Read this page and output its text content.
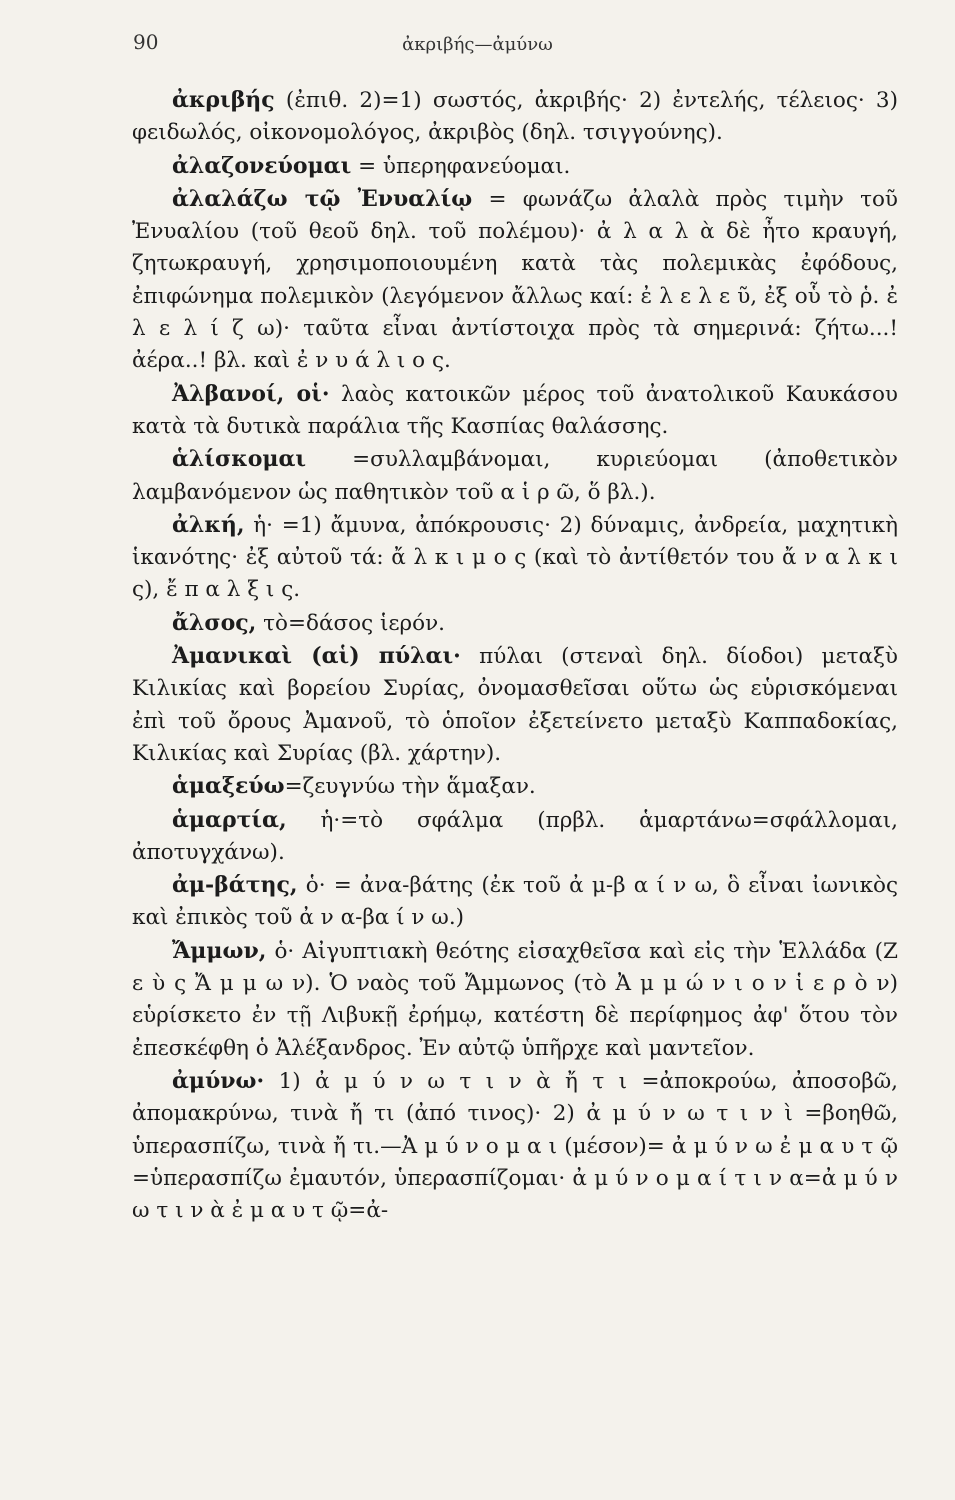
90	ἀκριβής—ἀμύνω
ἀκριβής (ἐπιθ. 2)=1) σωστός, ἀκριβής· 2) ἐντελής, τέλειος· 3) φειδωλός, οἰκονομολόγος, ἀκριβὸς (δηλ. τσιγγούνης).
ἀλαζονεύομαι = ὑπερηφανεύομαι.
ἀλαλάζω τῷ Ἐνυαλίῳ = φωνάζω ἀλαλὰ πρὸς τιμὴν τοῦ Ἐνυαλίου (τοῦ θεοῦ δηλ. τοῦ πολέμου)· ἀ λ α λ ὰ δὲ ἦτο κραυγή, ζητωκραυγή, χρησιμοποιουμένη κατὰ τὰς πολεμικὰς ἐφόδους, ἐπιφώνημα πολεμικὸν (λεγόμενον ἄλλως καί: ἐ λ ε λ ε ῦ, ἐξ οὗ τὸ ῥ. ἐ λ ε λ ί ζ ω)· ταῦτα εἶναι ἀντίστοιχα πρὸς τὰ σημερινά: ζήτω...! ἀέρα..! βλ. καὶ ἐ ν υ ά λ ι ο ς.
Ἀλβανοί, οἱ· λαὸς κατοικῶν μέρος τοῦ ἀνατολικοῦ Καυκάσου κατὰ τὰ δυτικὰ παράλια τῆς Κασπίας θαλάσσης.
ἁλίσκομαι =συλλαμβάνομαι, κυριεύομαι (ἀποθετικὸν λαμβανόμενον ὡς παθητικὸν τοῦ α ἱ ρ ῶ, ὅ βλ.).
ἀλκή, ἡ· =1) ἄμυνα, ἀπόκρουσις· 2) δύναμις, ἀνδρεία, μαχητικὴ ἱκανότης· ἐξ αὐτοῦ τά: ἄ λ κ ι μ ο ς (καὶ τὸ ἀντίθετόν του ἄ ν α λ κ ι ς), ἔ π α λ ξ ι ς.
ἄλσος, τὸ=δάσος ἱερόν.
Ἀμανικαὶ (αἱ) πύλαι· πύλαι (στεναὶ δηλ. δίοδοι) μεταξὺ Κιλικίας καὶ βορείου Συρίας, ὀνομασθεῖσαι οὕτω ὡς εὑρισκόμεναι ἐπὶ τοῦ ὄρους Ἀμανοῦ, τὸ ὁποῖον ἐξετείνετο μεταξὺ Καππαδοκίας, Κιλικίας καὶ Συρίας (βλ. χάρτην).
ἁμαξεύω=ζευγνύω τὴν ἅμαξαν.
ἁμαρτία, ἡ·=τὸ σφάλμα (πρβλ. ἁμαρτάνω=σφάλλομαι, ἀποτυγχάνω).
ἀμ-βάτης, ὁ· = ἀνα-βάτης (ἐκ τοῦ ἀ μ-β α ί ν ω, ὃ εἶναι ἰωνικὸς καὶ ἐπικὸς τοῦ ἀ ν α-βα ί ν ω.)
Ἄμμων, ὁ· Αἰγυπτιακὴ θεότης εἰσαχθεῖσα καὶ εἰς τὴν Ἑλλάδα (Ζ ε ὺ ς Ἄ μ μ ω ν). Ὁ ναὸς τοῦ Ἄμμωνος (τὸ Ἀ μ μ ώ ν ι ο ν ἱ ε ρ ὸ ν) εὑρίσκετο ἐν τῇ Λιβυκῇ ἐρήμῳ, κατέστη δὲ περίφημος ἀφ' ὅτου τὸν ἐπεσκέφθη ὁ Ἀλέξανδρος. Ἐν αὐτῷ ὑπῆρχε καὶ μαντεῖον.
ἀμύνω· 1) ἀ μ ύ ν ω τ ι ν ὰ ἤ τ ι =ἀποκρούω, ἀποσοβῶ, ἀπομακρύνω, τινὰ ἤ τι (ἀπό τινος)· 2) ἀ μ ύ ν ω τ ι ν ὶ =βοηθῶ, ὑπερασπίζω, τινὰ ἤ τι.—Ἀ μ ύ ν ο μ α ι (μέσον)= ἀ μ ύ ν ω ἐ μ α υ τ ῷ =ὑπερασπίζω ἐμαυτόν, ὑπερασπίζομαι· ἀ μ ύ ν ο μ α ί τ ι ν α=ἀ μ ύ ν ω τ ι ν ὰ ἐ μ α υ τ ῷ=ἀ-
